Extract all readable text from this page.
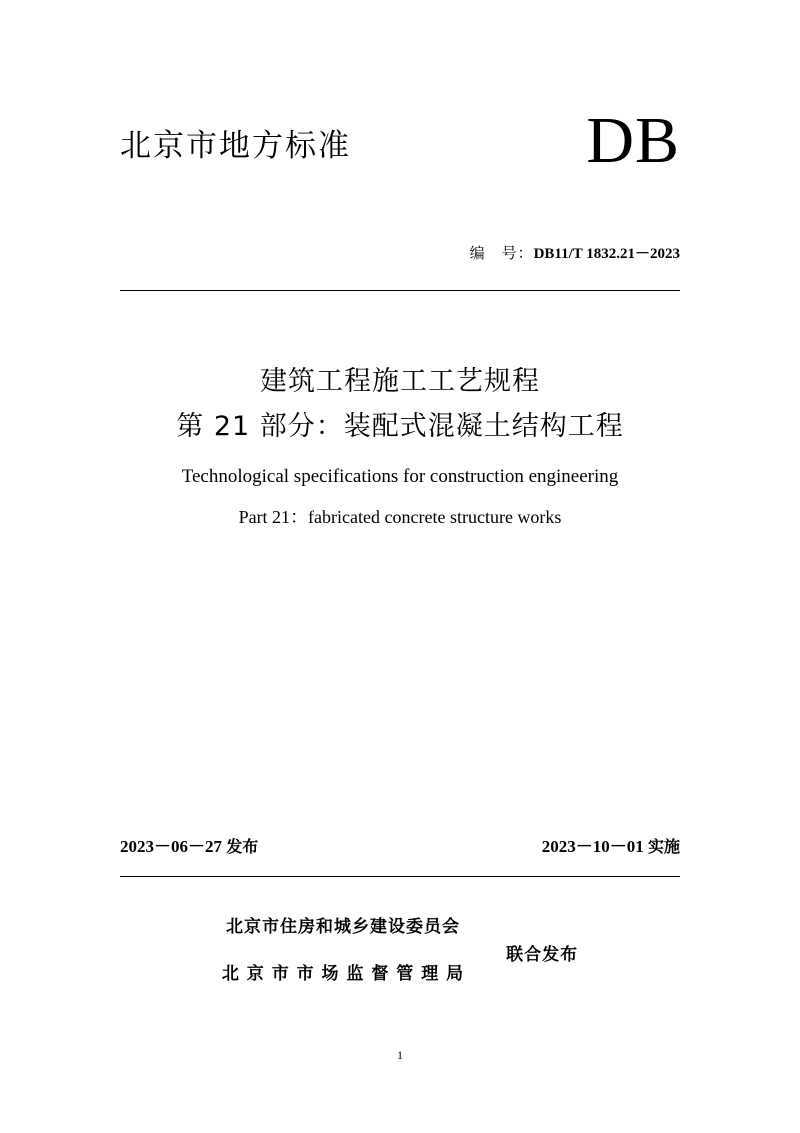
北京市地方标准	DB
编　号：DB11/T 1832.21－2023
建筑工程施工工艺规程
第 21 部分：装配式混凝土结构工程
Technological specifications for construction engineering
Part 21：fabricated concrete structure works
2023－06－27 发布	2023－10－01 实施
北京市住房和城乡建设委员会
北 京 市 市 场 监 督 管 理 局
联合发布
1
